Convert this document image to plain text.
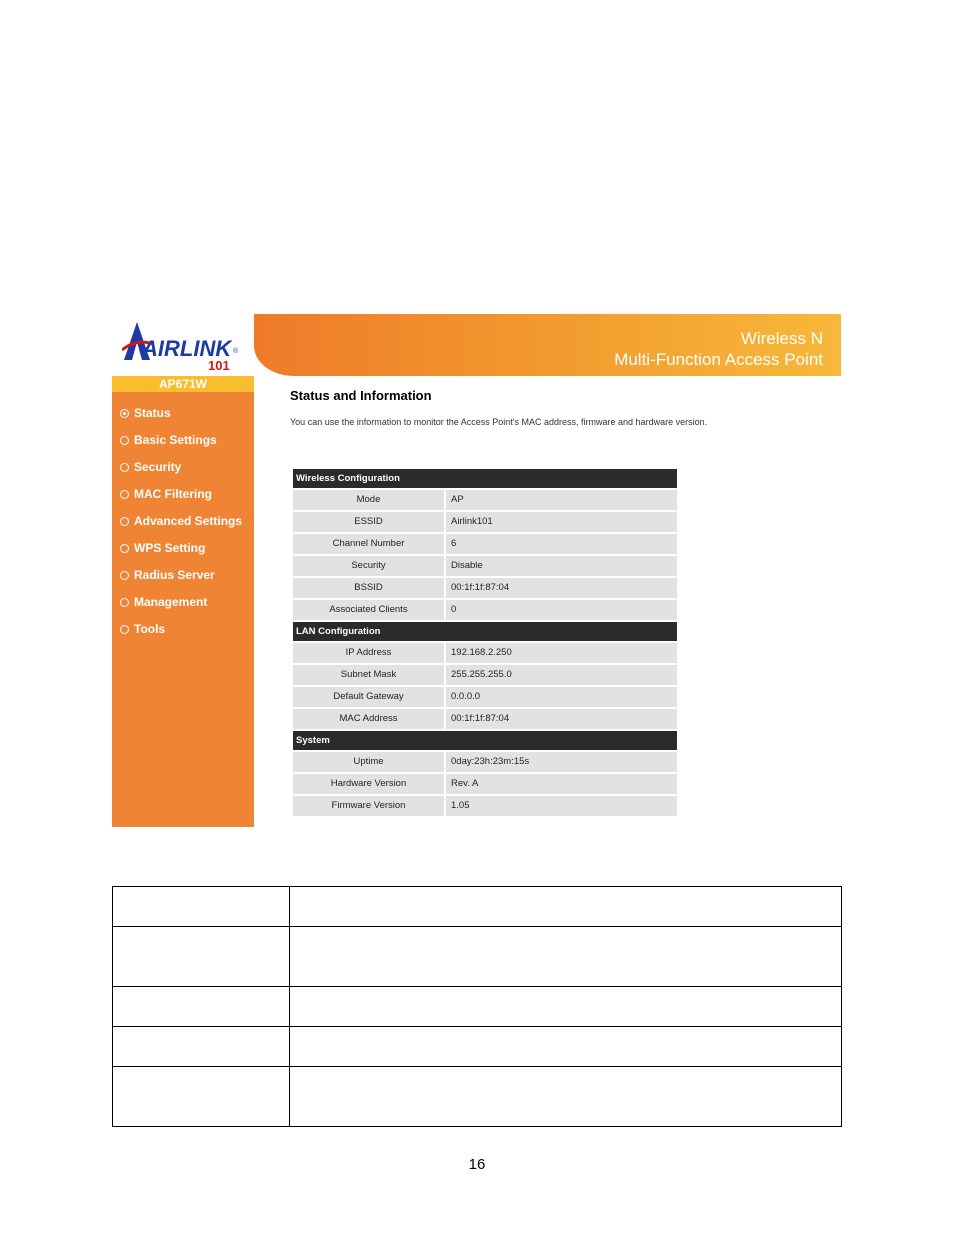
AIRLINK ®
101
Wireless N
Multi-Function Access Point
AP671W
Status
Basic Settings
Security
MAC Filtering
Advanced Settings
WPS Setting
Radius Server
Management
Tools
Status and Information
You can use the information to monitor the Access Point's MAC address, firmware and hardware version.
Wireless Configuration
Mode	AP
ESSID	Airlink101
Channel Number	6
Security	Disable
BSSID	00:1f:1f:87:04
Associated Clients	0
LAN Configuration
IP Address	192.168.2.250
Subnet Mask	255.255.255.0
Default Gateway	0.0.0.0
MAC Address	00:1f:1f:87:04
System
Uptime	0day:23h:23m:15s
Hardware Version	Rev. A
Firmware Version	1.05

16
